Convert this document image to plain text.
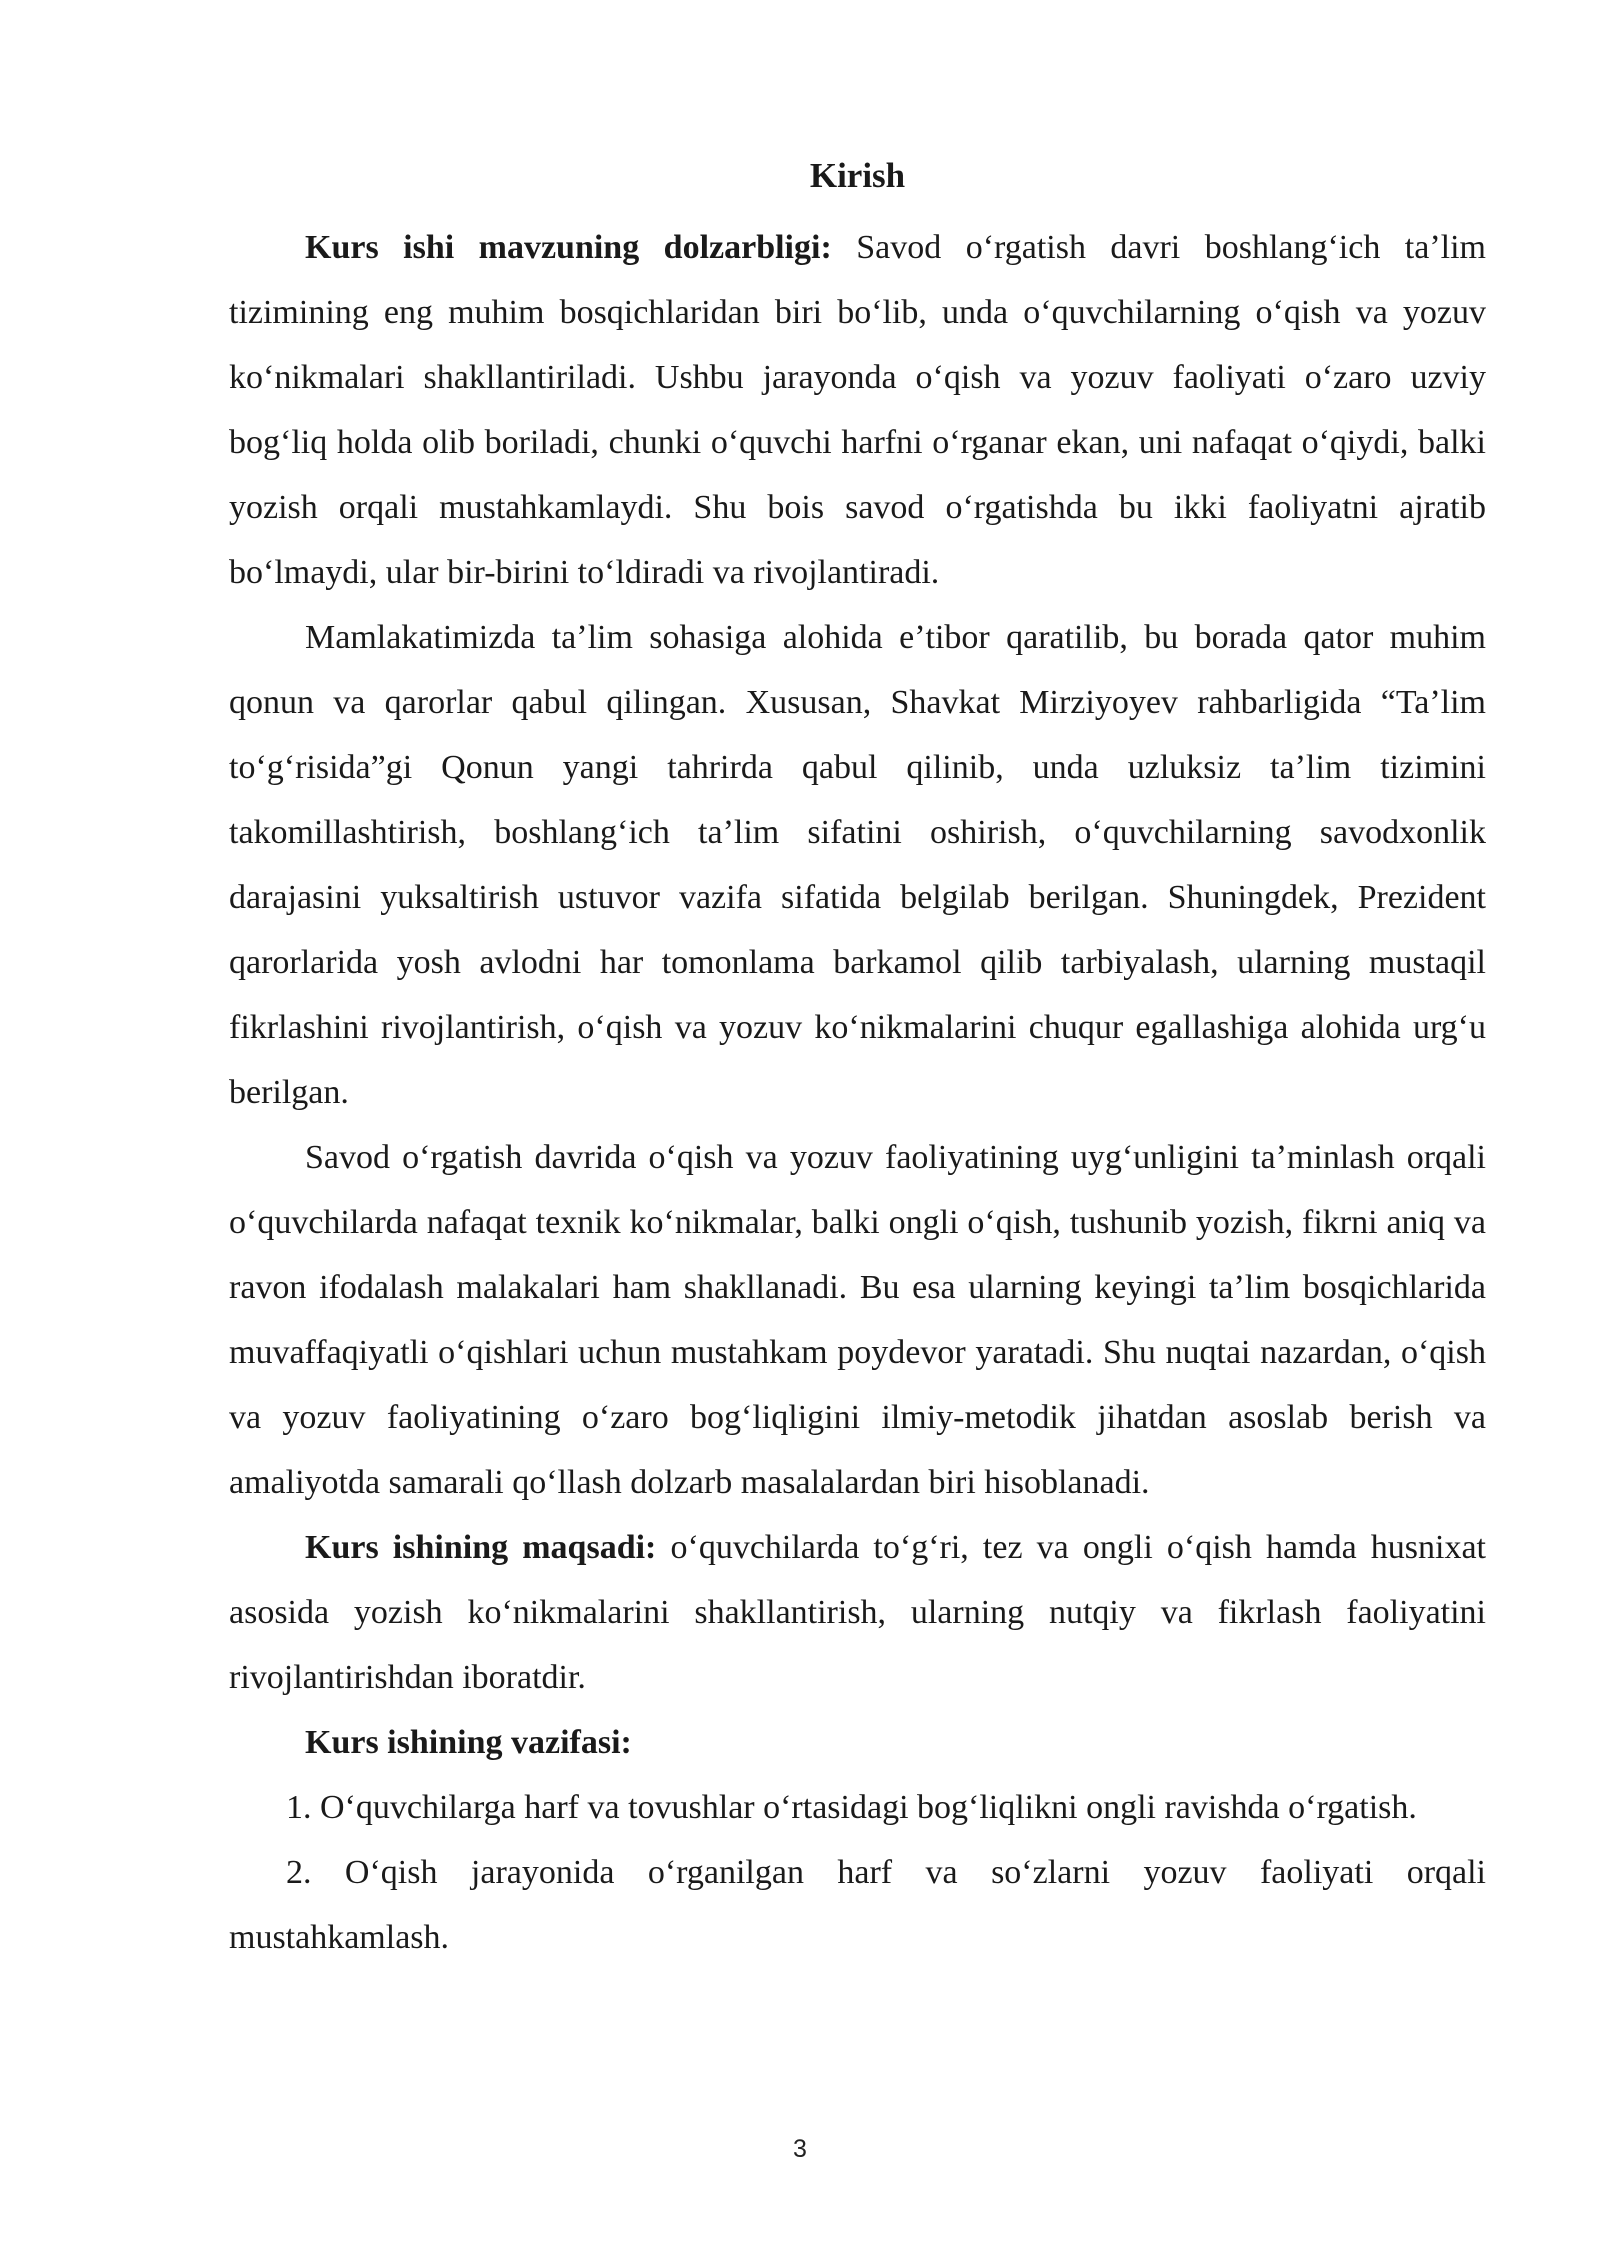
Kirish

Kurs ishi mavzuning dolzarbligi: Savod oʻrgatish davri boshlangʻich taʼlim tizimining eng muhim bosqichlaridan biri boʻlib, unda oʻquvchilarning oʻqish va yozuv koʻnikmalari shakllantiriladi. Ushbu jarayonda oʻqish va yozuv faoliyati oʻzaro uzviy bogʻliq holda olib boriladi, chunki oʻquvchi harfni oʻrganar ekan, uni nafaqat oʻqiydi, balki yozish orqali mustahkamlaydi. Shu bois savod oʻrgatishda bu ikki faoliyatni ajratib boʻlmaydi, ular bir-birini toʻldiradi va rivojlantiradi.

Mamlakatimizda taʼlim sohasiga alohida eʼtibor qaratilib, bu borada qator muhim qonun va qarorlar qabul qilingan. Xususan, Shavkat Mirziyoyev rahbarligida “Taʼlim toʻgʻrisida”gi Qonun yangi tahrirda qabul qilinib, unda uzluksiz taʼlim tizimini takomillashtirish, boshlangʻich taʼlim sifatini oshirish, oʻquvchilarning savodxonlik darajasini yuksaltirish ustuvor vazifa sifatida belgilab berilgan. Shuningdek, Prezident qarorlarida yosh avlodni har tomonlama barkamol qilib tarbiyalash, ularning mustaqil fikrlashini rivojlantirish, oʻqish va yozuv koʻnikmalarini chuqur egallashiga alohida urgʻu berilgan.

Savod oʻrgatish davrida oʻqish va yozuv faoliyatining uygʻunligini taʼminlash orqali oʻquvchilarda nafaqat texnik koʻnikmalar, balki ongli oʻqish, tushunib yozish, fikrni aniq va ravon ifodalash malakalari ham shakllanadi. Bu esa ularning keyingi taʼlim bosqichlarida muvaffaqiyatli oʻqishlari uchun mustahkam poydevor yaratadi. Shu nuqtai nazardan, oʻqish va yozuv faoliyatining oʻzaro bogʻliqligini ilmiy-metodik jihatdan asoslab berish va amaliyotda samarali qoʻllash dolzarb masalalardan biri hisoblanadi.

Kurs ishining maqsadi: oʻquvchilarda toʻgʻri, tez va ongli oʻqish hamda husnixat asosida yozish koʻnikmalarini shakllantirish, ularning nutqiy va fikrlash faoliyatini rivojlantirishdan iboratdir.

Kurs ishining vazifasi:

1. Oʻquvchilarga harf va tovushlar oʻrtasidagi bogʻliqlikni ongli ravishda oʻrgatish.

2. Oʻqish jarayonida oʻrganilgan harf va soʻzlarni yozuv faoliyati orqali mustahkamlash.

3
